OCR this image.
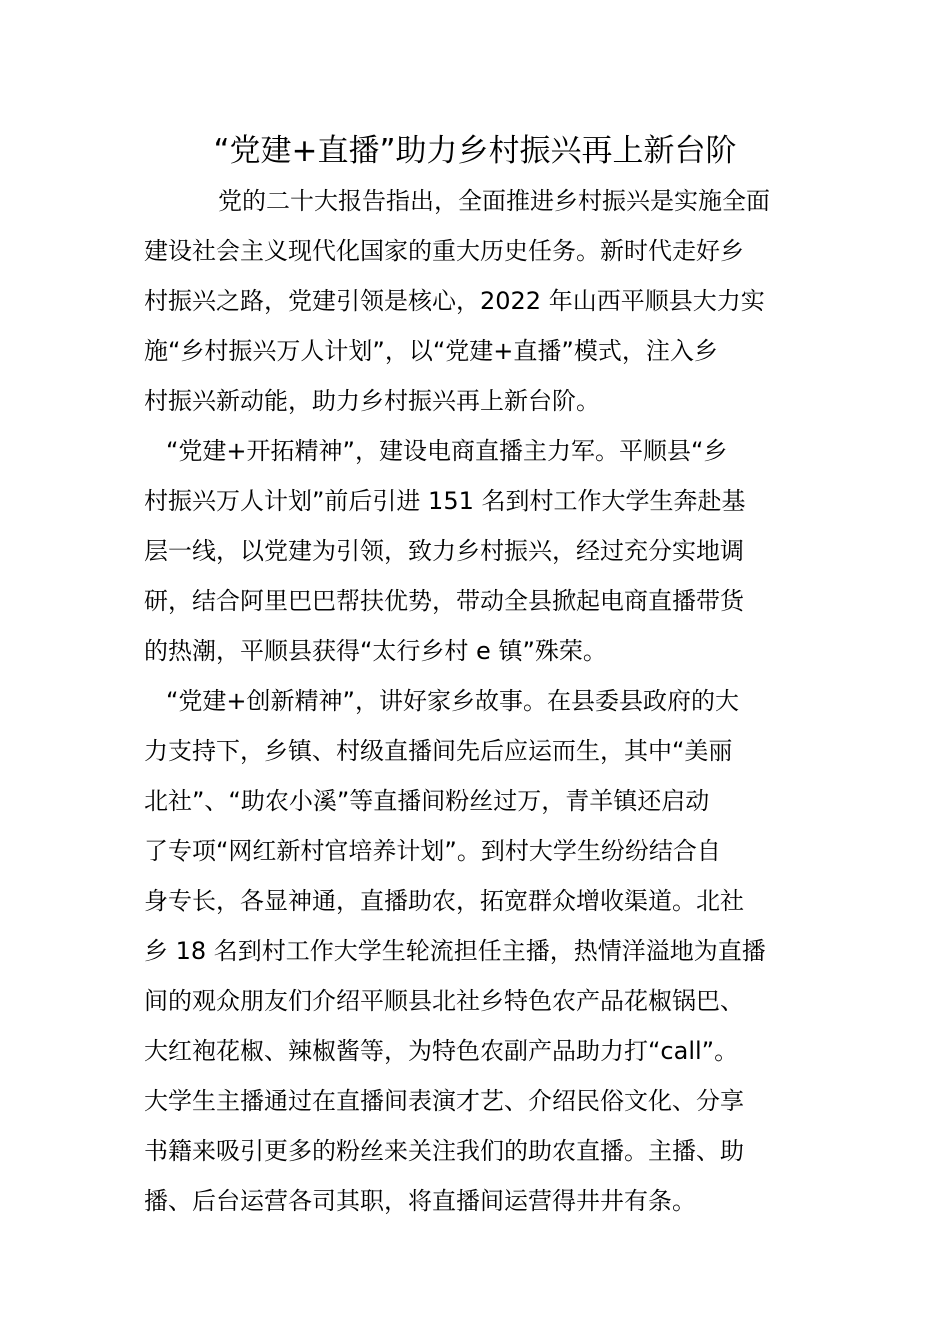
“党建+直播”助力乡村振兴再上新台阶

党的二十大报告指出，全面推进乡村振兴是实施全面

建设社会主义现代化国家的重大历史任务。新时代走好乡

村振兴之路，党建引领是核心，2022 年山西平顺县大力实

施“乡村振兴万人计划”，以“党建+直播”模式，注入乡

村振兴新动能，助力乡村振兴再上新台阶。

“党建+开拓精神”，建设电商直播主力军。平顺县“乡

村振兴万人计划”前后引进 151 名到村工作大学生奔赴基

层一线，以党建为引领，致力乡村振兴，经过充分实地调

研，结合阿里巴巴帮扶优势，带动全县掀起电商直播带货

的热潮，平顺县获得“太行乡村 e 镇”殊荣。

“党建+创新精神”，讲好家乡故事。在县委县政府的大

力支持下，乡镇、村级直播间先后应运而生，其中“美丽

北社”、“助农小溪”等直播间粉丝过万，青羊镇还启动

了专项“网红新村官培养计划”。到村大学生纷纷结合自

身专长，各显神通，直播助农，拓宽群众增收渠道。北社

乡 18 名到村工作大学生轮流担任主播，热情洋溢地为直播

间的观众朋友们介绍平顺县北社乡特色农产品花椒锅巴、

大红袍花椒、辣椒酱等，为特色农副产品助力打“call”。

大学生主播通过在直播间表演才艺、介绍民俗文化、分享

书籍来吸引更多的粉丝来关注我们的助农直播。主播、助

播、后台运营各司其职，将直播间运营得井井有条。
